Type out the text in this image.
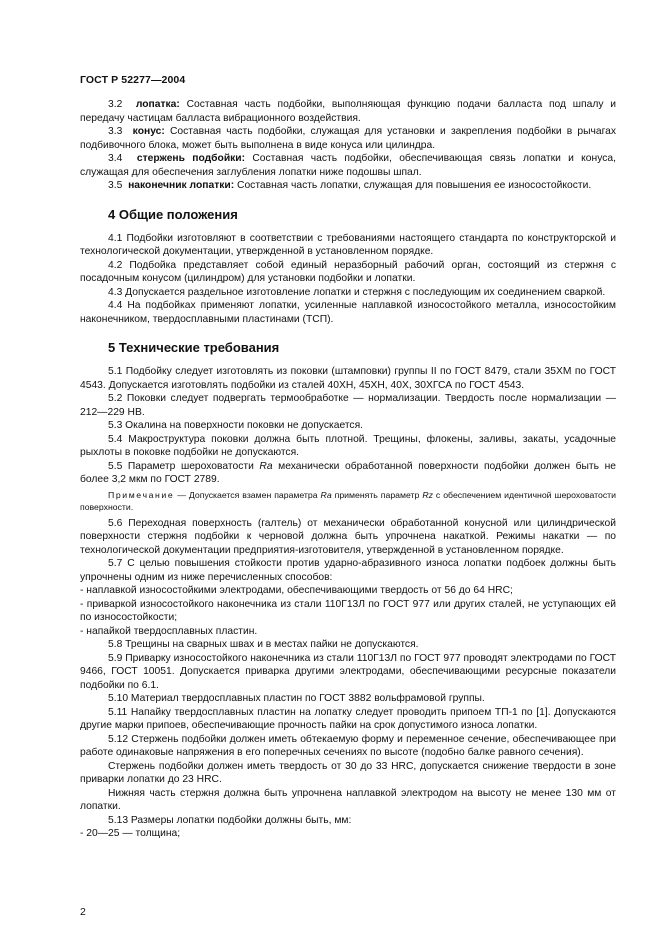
ГОСТ Р 52277—2004

3.2 лопатка: Составная часть подбойки, выполняющая функцию подачи балласта под шпалу и передачу частицам балласта вибрационного воздействия.

3.3 конус: Составная часть подбойки, служащая для установки и закрепления подбойки в рычагах подбивочного блока, может быть выполнена в виде конуса или цилиндра.

3.4 стержень подбойки: Составная часть подбойки, обеспечивающая связь лопатки и конуса, служащая для обеспечения заглубления лопатки ниже подошвы шпал.

3.5 наконечник лопатки: Составная часть лопатки, служащая для повышения ее износостойкости.

4 Общие положения

4.1 Подбойки изготовляют в соответствии с требованиями настоящего стандарта по конструкторской и технологической документации, утвержденной в установленном порядке.

4.2 Подбойка представляет собой единый неразборный рабочий орган, состоящий из стержня с посадочным конусом (цилиндром) для установки подбойки и лопатки.

4.3 Допускается раздельное изготовление лопатки и стержня с последующим их соединением сваркой.

4.4 На подбойках применяют лопатки, усиленные наплавкой износостойкого металла, износостойким наконечником, твердосплавными пластинами (ТСП).

5 Технические требования

5.1 Подбойку следует изготовлять из поковки (штамповки) группы II по ГОСТ 8479, стали 35ХМ по ГОСТ 4543. Допускается изготовлять подбойки из сталей 40ХН, 45ХН, 40Х, 30ХГСА по ГОСТ 4543.

5.2 Поковки следует подвергать термообработке — нормализации. Твердость после нормализации — 212—229 НВ.

5.3 Окалина на поверхности поковки не допускается.

5.4 Макроструктура поковки должна быть плотной. Трещины, флокены, заливы, закаты, усадочные рыхлоты в поковке подбойки не допускаются.

5.5 Параметр шероховатости Ra механически обработанной поверхности подбойки должен быть не более 3,2 мкм по ГОСТ 2789.

Примечание — Допускается взамен параметра Ra применять параметр Rz с обеспечением идентичной шероховатости поверхности.

5.6 Переходная поверхность (галтель) от механически обработанной конусной или цилиндрической поверхности стержня подбойки к черновой должна быть упрочнена накаткой. Режимы накатки — по технологической документации предприятия-изготовителя, утвержденной в установленном порядке.

5.7 С целью повышения стойкости против ударно-абразивного износа лопатки подбоек должны быть упрочнены одним из ниже перечисленных способов:

- наплавкой износостойкими электродами, обеспечивающими твердость от 56 до 64 HRC;

- приваркой износостойкого наконечника из стали 110Г13Л по ГОСТ 977 или других сталей, не уступающих ей по износостойкости;

- напайкой твердосплавных пластин.

5.8 Трещины на сварных швах и в местах пайки не допускаются.

5.9 Приварку износостойкого наконечника из стали 110Г13Л по ГОСТ 977 проводят электродами по ГОСТ 9466, ГОСТ 10051. Допускается приварка другими электродами, обеспечивающими ресурсные показатели подбойки по 6.1.

5.10 Материал твердосплавных пластин по ГОСТ 3882 вольфрамовой группы.

5.11 Напайку твердосплавных пластин на лопатку следует проводить припоем ТП-1 по [1]. Допускаются другие марки припоев, обеспечивающие прочность пайки на срок допустимого износа лопатки.

5.12 Стержень подбойки должен иметь обтекаемую форму и переменное сечение, обеспечивающее при работе одинаковые напряжения в его поперечных сечениях по высоте (подобно балке равного сечения).

Стержень подбойки должен иметь твердость от 30 до 33 HRC, допускается снижение твердости в зоне приварки лопатки до 23 HRC.

Нижняя часть стержня должна быть упрочнена наплавкой электродом на высоту не менее 130 мм от лопатки.

5.13 Размеры лопатки подбойки должны быть, мм:

- 20—25 — толщина;

2
